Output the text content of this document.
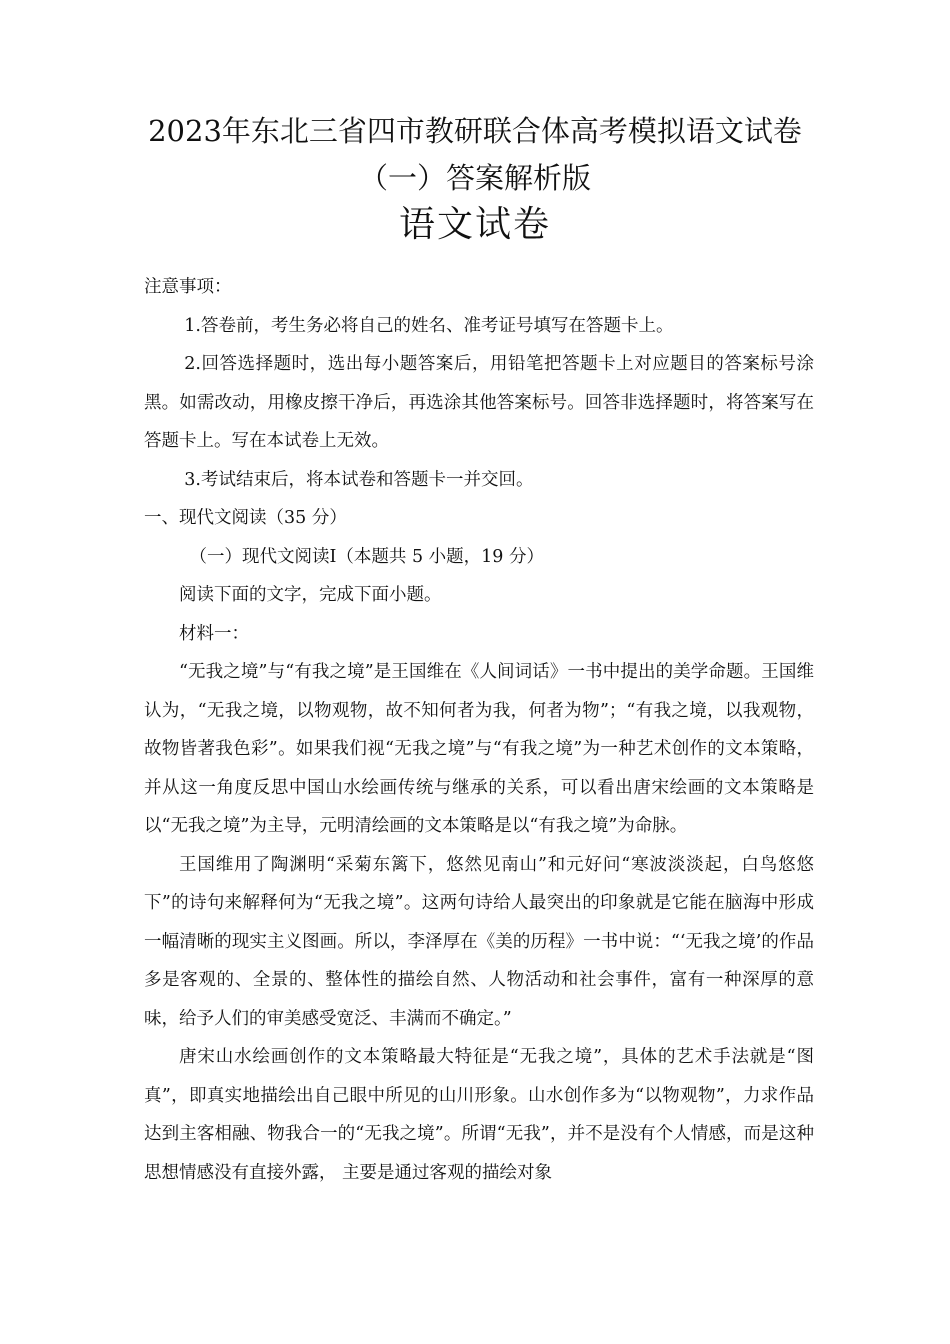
2023年东北三省四市教研联合体高考模拟语文试卷
（一）答案解析版
语文试卷

注意事项：

1.答卷前，考生务必将自己的姓名、准考证号填写在答题卡上。

2.回答选择题时，选出每小题答案后，用铅笔把答题卡上对应题目的答案标号涂黑。如需改动，用橡皮擦干净后，再选涂其他答案标号。回答非选择题时，将答案写在答题卡上。写在本试卷上无效。

3.考试结束后，将本试卷和答题卡一并交回。

一、现代文阅读（35 分）

（一）现代文阅读Ⅰ（本题共 5 小题，19 分）

阅读下面的文字，完成下面小题。

材料一：

“无我之境”与“有我之境”是王国维在《人间词话》一书中提出的美学命题。王国维认为，“无我之境，以物观物，故不知何者为我，何者为物”；“有我之境，以我观物，故物皆著我色彩”。如果我们视“无我之境”与“有我之境”为一种艺术创作的文本策略，并从这一角度反思中国山水绘画传统与继承的关系，可以看出唐宋绘画的文本策略是以“无我之境”为主导，元明清绘画的文本策略是以“有我之境”为命脉。

王国维用了陶渊明“采菊东篱下，悠然见南山”和元好问“寒波淡淡起，白鸟悠悠下”的诗句来解释何为“无我之境”。这两句诗给人最突出的印象就是它能在脑海中形成一幅清晰的现实主义图画。所以，李泽厚在《美的历程》一书中说：“‘无我之境’的作品多是客观的、全景的、整体性的描绘自然、人物活动和社会事件，富有一种深厚的意味，给予人们的审美感受宽泛、丰满而不确定。”

唐宋山水绘画创作的文本策略最大特征是“无我之境”，具体的艺术手法就是“图真”，即真实地描绘出自己眼中所见的山川形象。山水创作多为“以物观物”，力求作品达到主客相融、物我合一的“无我之境”。所谓“无我”，并不是没有个人情感，而是这种思想情感没有直接外露， 主要是通过客观的描绘对象
